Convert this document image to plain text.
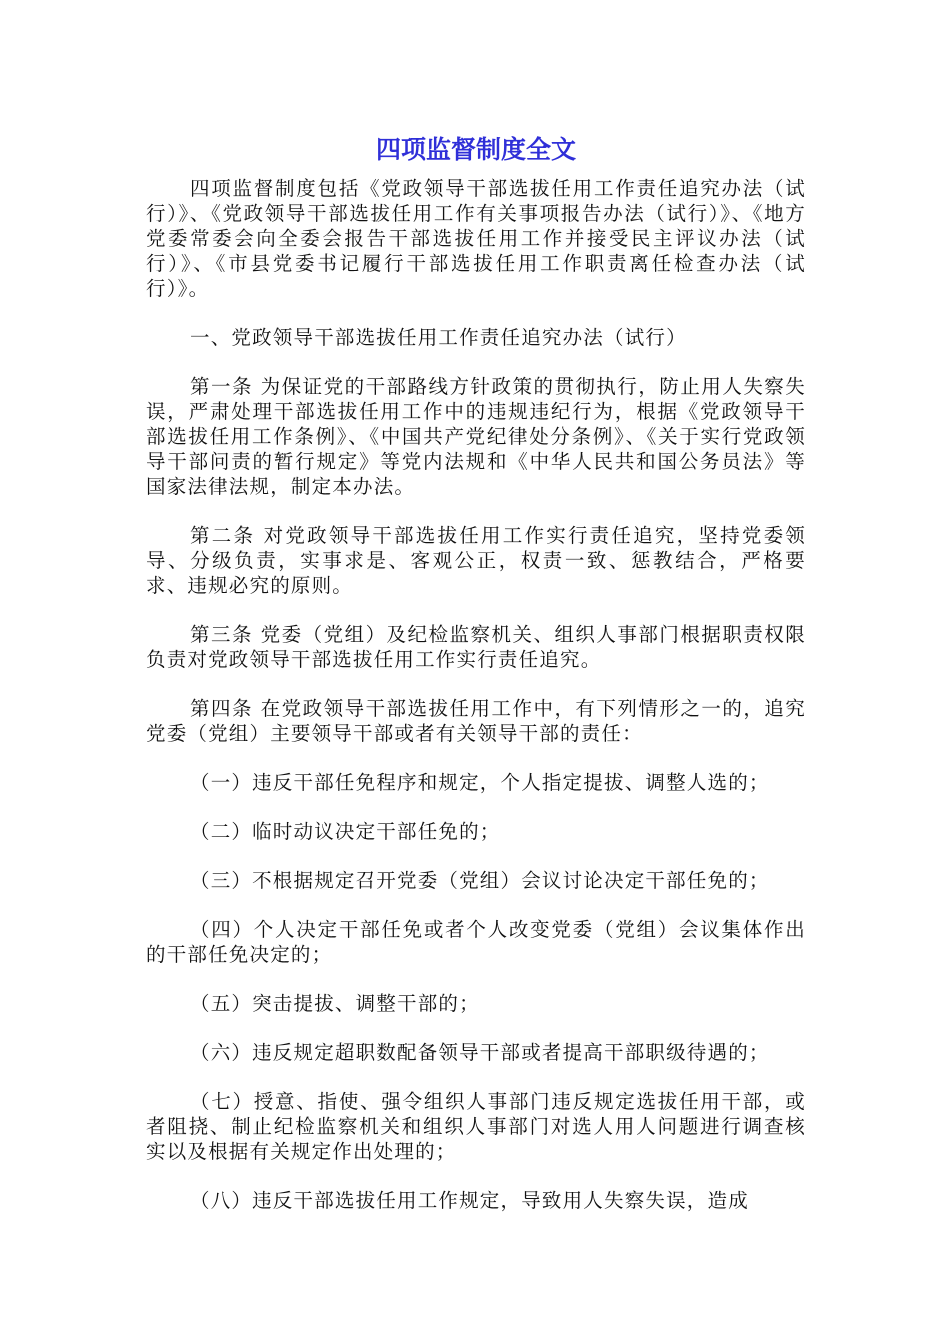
四项监督制度全文

四项监督制度包括《党政领导干部选拔任用工作责任追究办法（试行）》、《党政领导干部选拔任用工作有关事项报告办法（试行）》、《地方党委常委会向全委会报告干部选拔任用工作并接受民主评议办法（试行）》、《市县党委书记履行干部选拔任用工作职责离任检查办法（试行）》。

一、党政领导干部选拔任用工作责任追究办法（试行）

第一条 为保证党的干部路线方针政策的贯彻执行，防止用人失察失误，严肃处理干部选拔任用工作中的违规违纪行为，根据《党政领导干部选拔任用工作条例》、《中国共产党纪律处分条例》、《关于实行党政领导干部问责的暂行规定》等党内法规和《中华人民共和国公务员法》等国家法律法规，制定本办法。

第二条 对党政领导干部选拔任用工作实行责任追究，坚持党委领导、分级负责，实事求是、客观公正，权责一致、惩教结合，严格要求、违规必究的原则。

第三条 党委（党组）及纪检监察机关、组织人事部门根据职责权限负责对党政领导干部选拔任用工作实行责任追究。

第四条 在党政领导干部选拔任用工作中，有下列情形之一的，追究党委（党组）主要领导干部或者有关领导干部的责任：

（一）违反干部任免程序和规定，个人指定提拔、调整人选的；

（二）临时动议决定干部任免的；

（三）不根据规定召开党委（党组）会议讨论决定干部任免的；

（四）个人决定干部任免或者个人改变党委（党组）会议集体作出的干部任免决定的；

（五）突击提拔、调整干部的；

（六）违反规定超职数配备领导干部或者提高干部职级待遇的；

（七）授意、指使、强令组织人事部门违反规定选拔任用干部，或者阻挠、制止纪检监察机关和组织人事部门对选人用人问题进行调查核实以及根据有关规定作出处理的；

（八）违反干部选拔任用工作规定，导致用人失察失误，造成
